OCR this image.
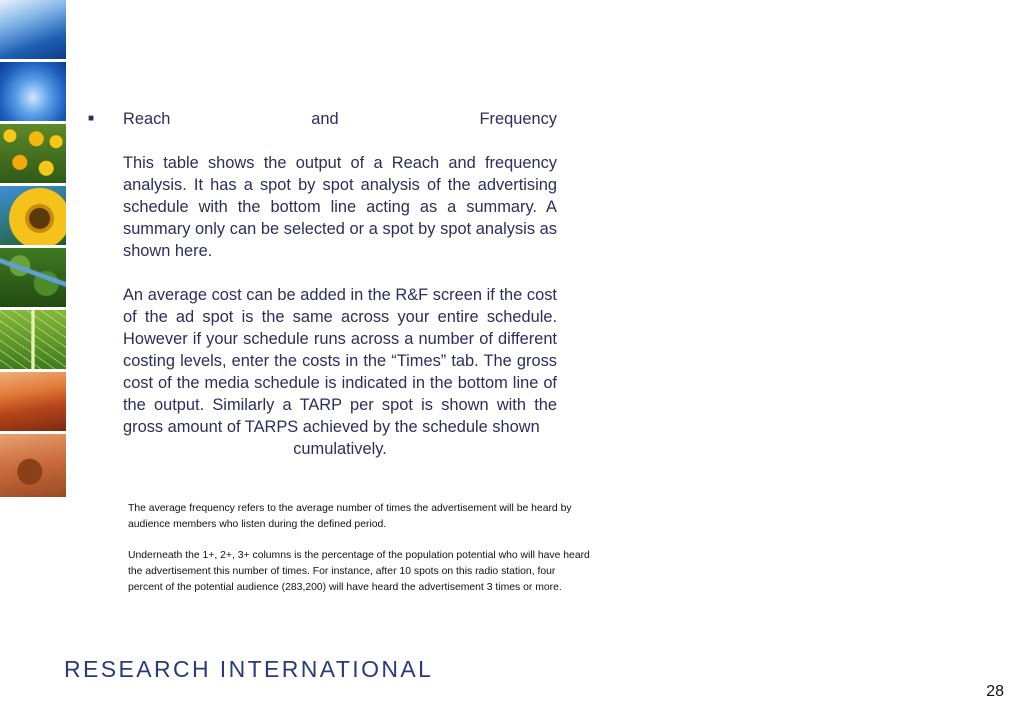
■	Reach	and	Frequency

This table shows the output of a Reach and frequency analysis. It has a spot by spot analysis of the advertising schedule with the bottom line acting as a summary. A summary only can be selected or a spot by spot analysis as shown here.

An average cost can be added in the R&F screen if the cost of the ad spot is the same across your entire schedule. However if your schedule runs across a number of different costing levels, enter the costs in the “Times” tab. The gross cost of the media schedule is indicated in the bottom line of the output. Similarly a TARP per spot is shown with the gross amount of TARPS achieved by the schedule shown

cumulatively.

The average frequency refers to the average number of times the advertisement will be heard by audience members who listen during the defined period.

Underneath the 1+, 2+, 3+ columns is the percentage of the population potential who will have heard the advertisement this number of times. For instance, after 10 spots on this radio station, four percent of the potential audience (283,200) will have heard the advertisement 3 times or more.

RESEARCH INTERNATIONAL
28
